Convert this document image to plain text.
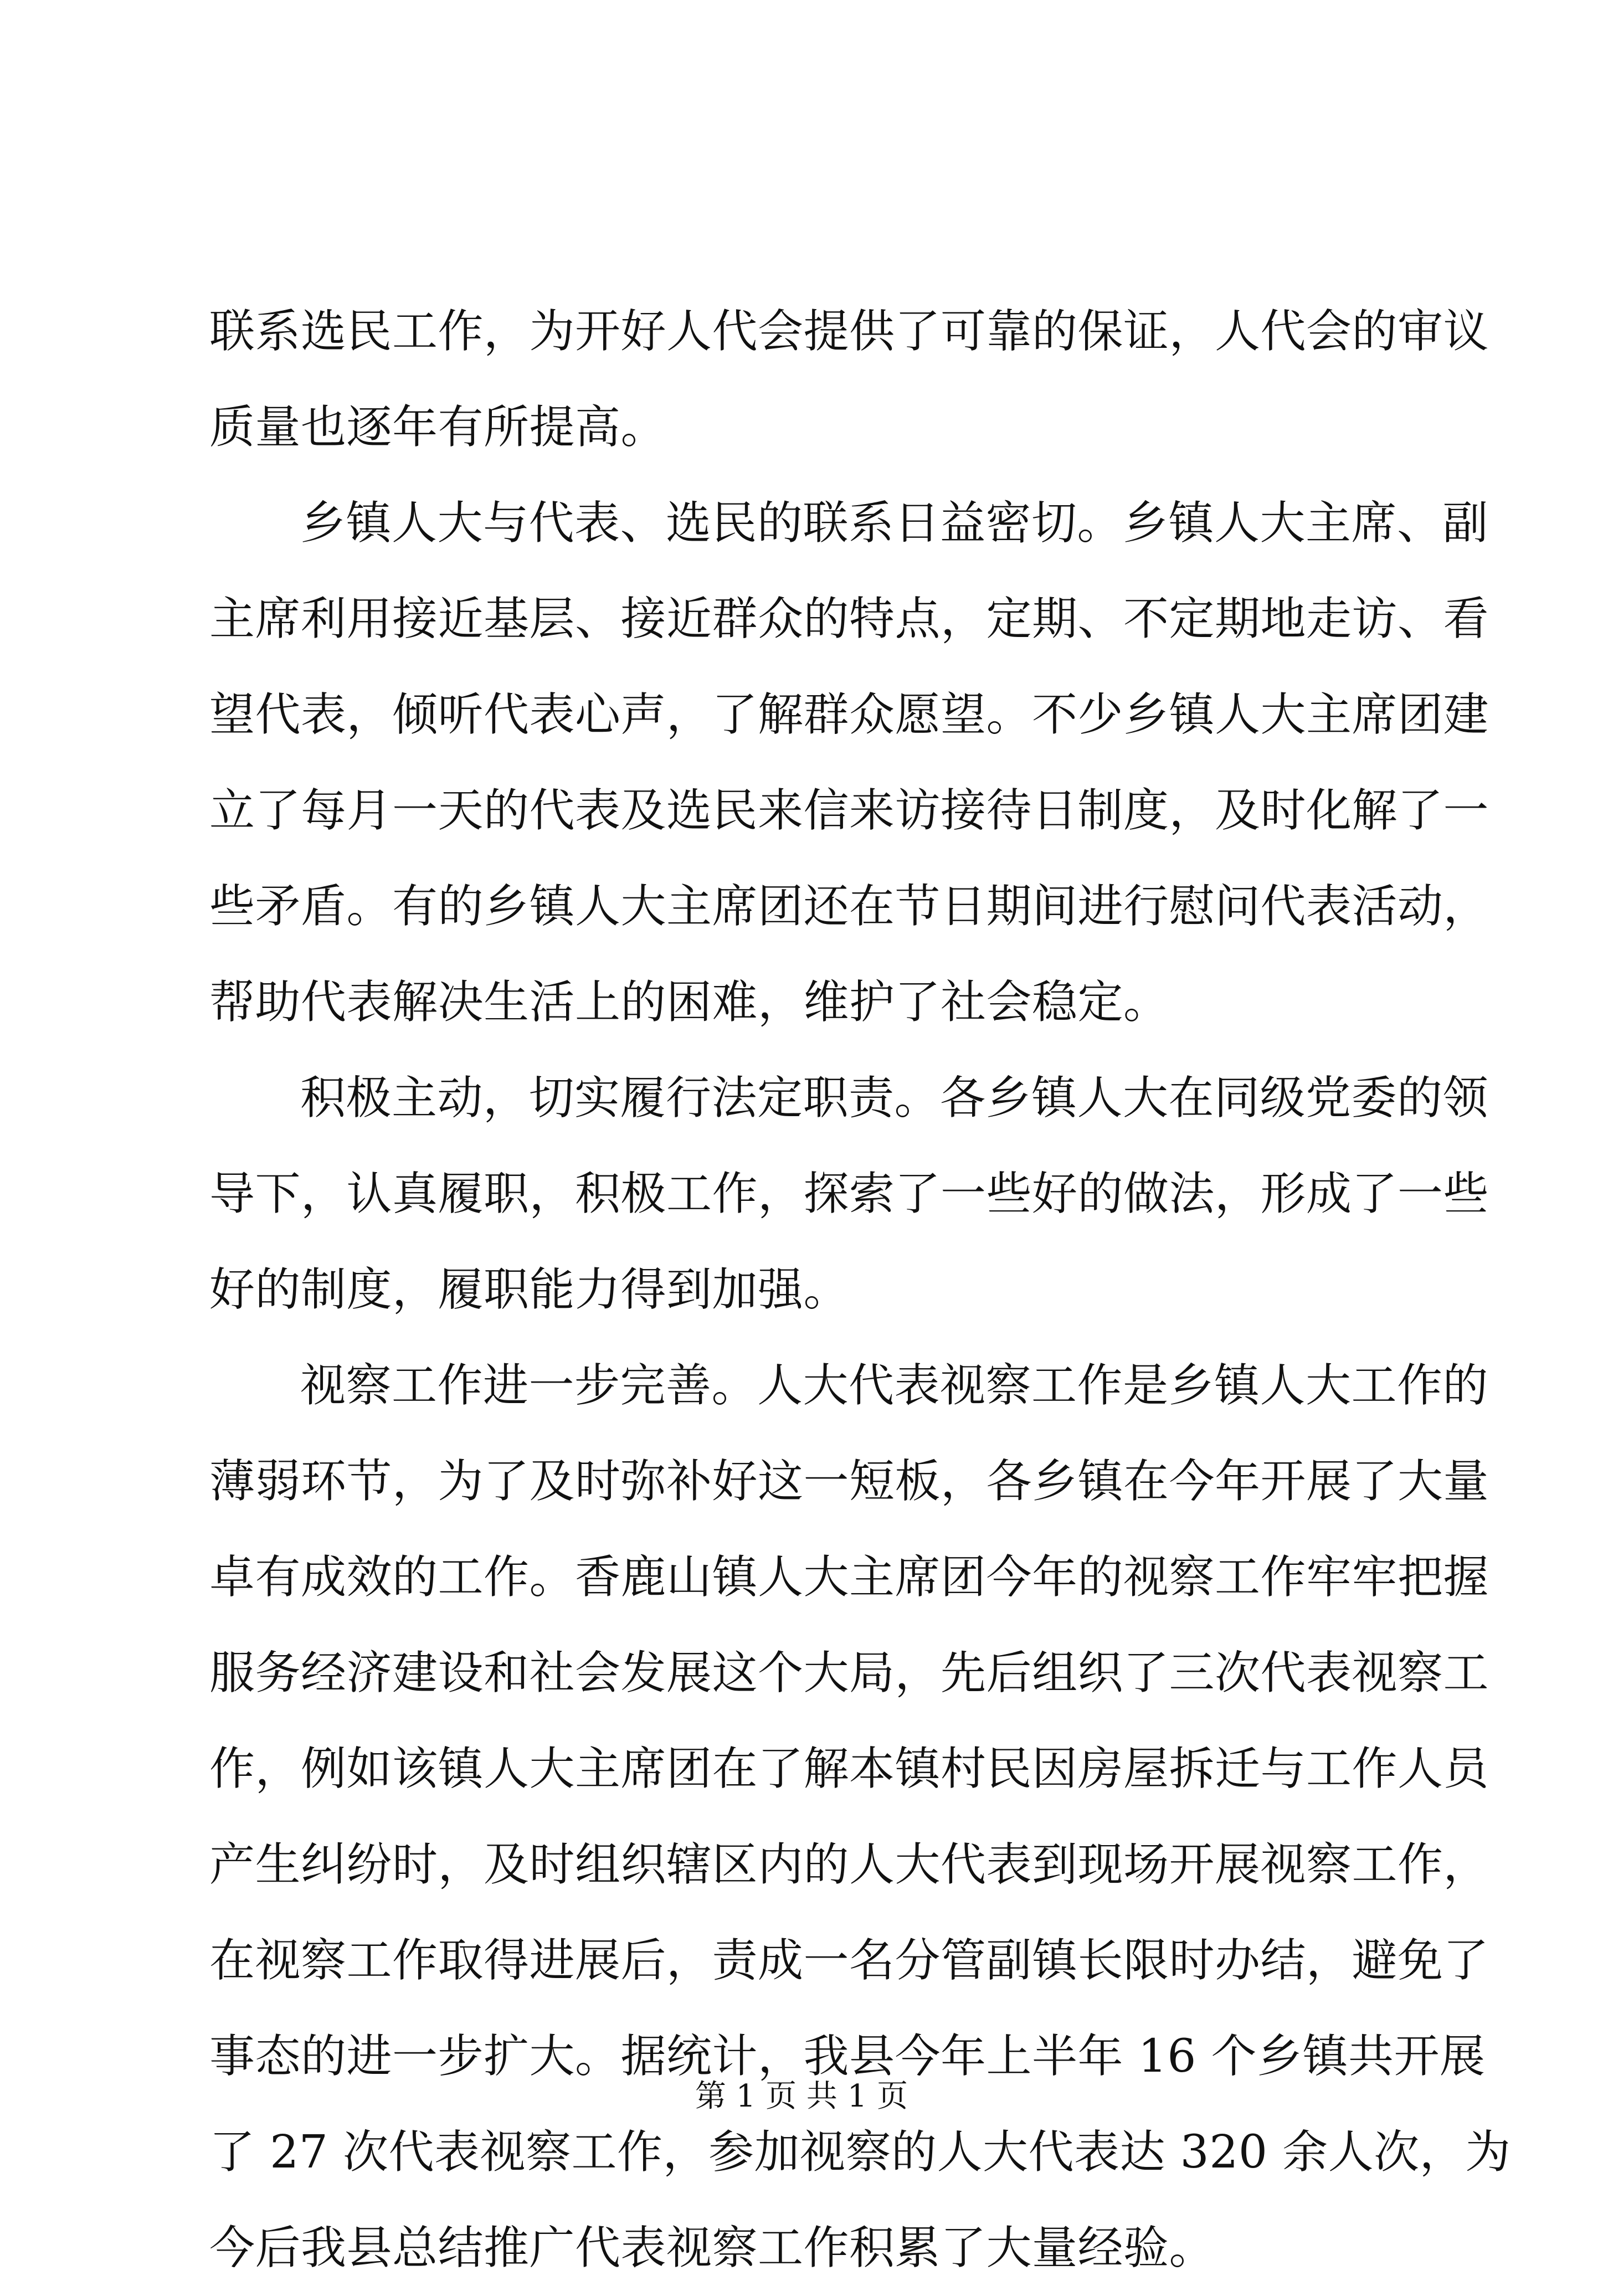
联系选民工作，为开好人代会提供了可靠的保证，人代会的审议

质量也逐年有所提高。

乡镇人大与代表、选民的联系日益密切。乡镇人大主席、副

主席利用接近基层、接近群众的特点，定期、不定期地走访、看

望代表，倾听代表心声，了解群众愿望。不少乡镇人大主席团建

立了每月一天的代表及选民来信来访接待日制度，及时化解了一

些矛盾。有的乡镇人大主席团还在节日期间进行慰问代表活动，

帮助代表解决生活上的困难，维护了社会稳定。

积极主动，切实履行法定职责。各乡镇人大在同级党委的领

导下，认真履职，积极工作，探索了一些好的做法，形成了一些

好的制度，履职能力得到加强。

视察工作进一步完善。人大代表视察工作是乡镇人大工作的

薄弱环节，为了及时弥补好这一短板，各乡镇在今年开展了大量

卓有成效的工作。香鹿山镇人大主席团今年的视察工作牢牢把握

服务经济建设和社会发展这个大局，先后组织了三次代表视察工

作，例如该镇人大主席团在了解本镇村民因房屋拆迁与工作人员

产生纠纷时，及时组织辖区内的人大代表到现场开展视察工作，

在视察工作取得进展后，责成一名分管副镇长限时办结，避免了

事态的进一步扩大。据统计，我县今年上半年 16 个乡镇共开展

了 27 次代表视察工作，参加视察的人大代表达 320 余人次，为

今后我县总结推广代表视察工作积累了大量经验。

第 1 页 共 1 页
